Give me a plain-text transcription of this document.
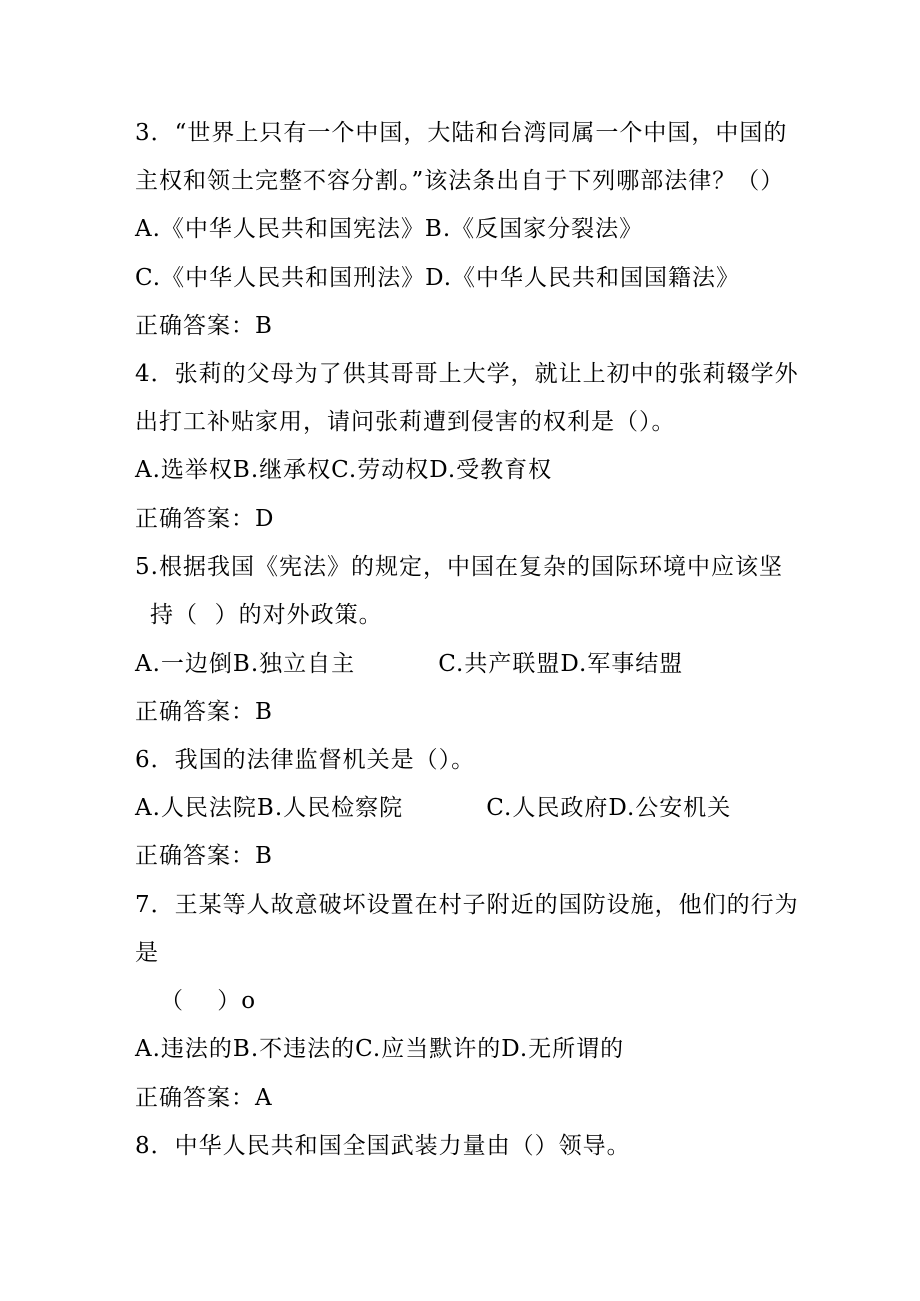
3．“世界上只有一个中国，大陆和台湾同属一个中国，中国的
主权和领土完整不容分割。”该法条出自于下列哪部法律？（）
A.《中华人民共和国宪法》B.《反国家分裂法》
C.《中华人民共和国刑法》D.《中华人民共和国国籍法》
正确答案：B
4．张莉的父母为了供其哥哥上大学，就让上初中的张莉辍学外
出打工补贴家用，请问张莉遭到侵害的权利是（）。
A.选举权B.继承权C.劳动权D.受教育权
正确答案：D
5.根据我国《宪法》的规定，中国在复杂的国际环境中应该坚
持（  ）的对外政策。
A.一边倒B.独立自主          C.共产联盟D.军事结盟
正确答案：B
6．我国的法律监督机关是（）。
A.人民法院B.人民检察院          C.人民政府D.公安机关
正确答案：B
7．王某等人故意破坏设置在村子附近的国防设施，他们的行为
是
（    ）o
A.违法的B.不违法的C.应当默许的D.无所谓的
正确答案：A
8．中华人民共和国全国武装力量由（）领导。
